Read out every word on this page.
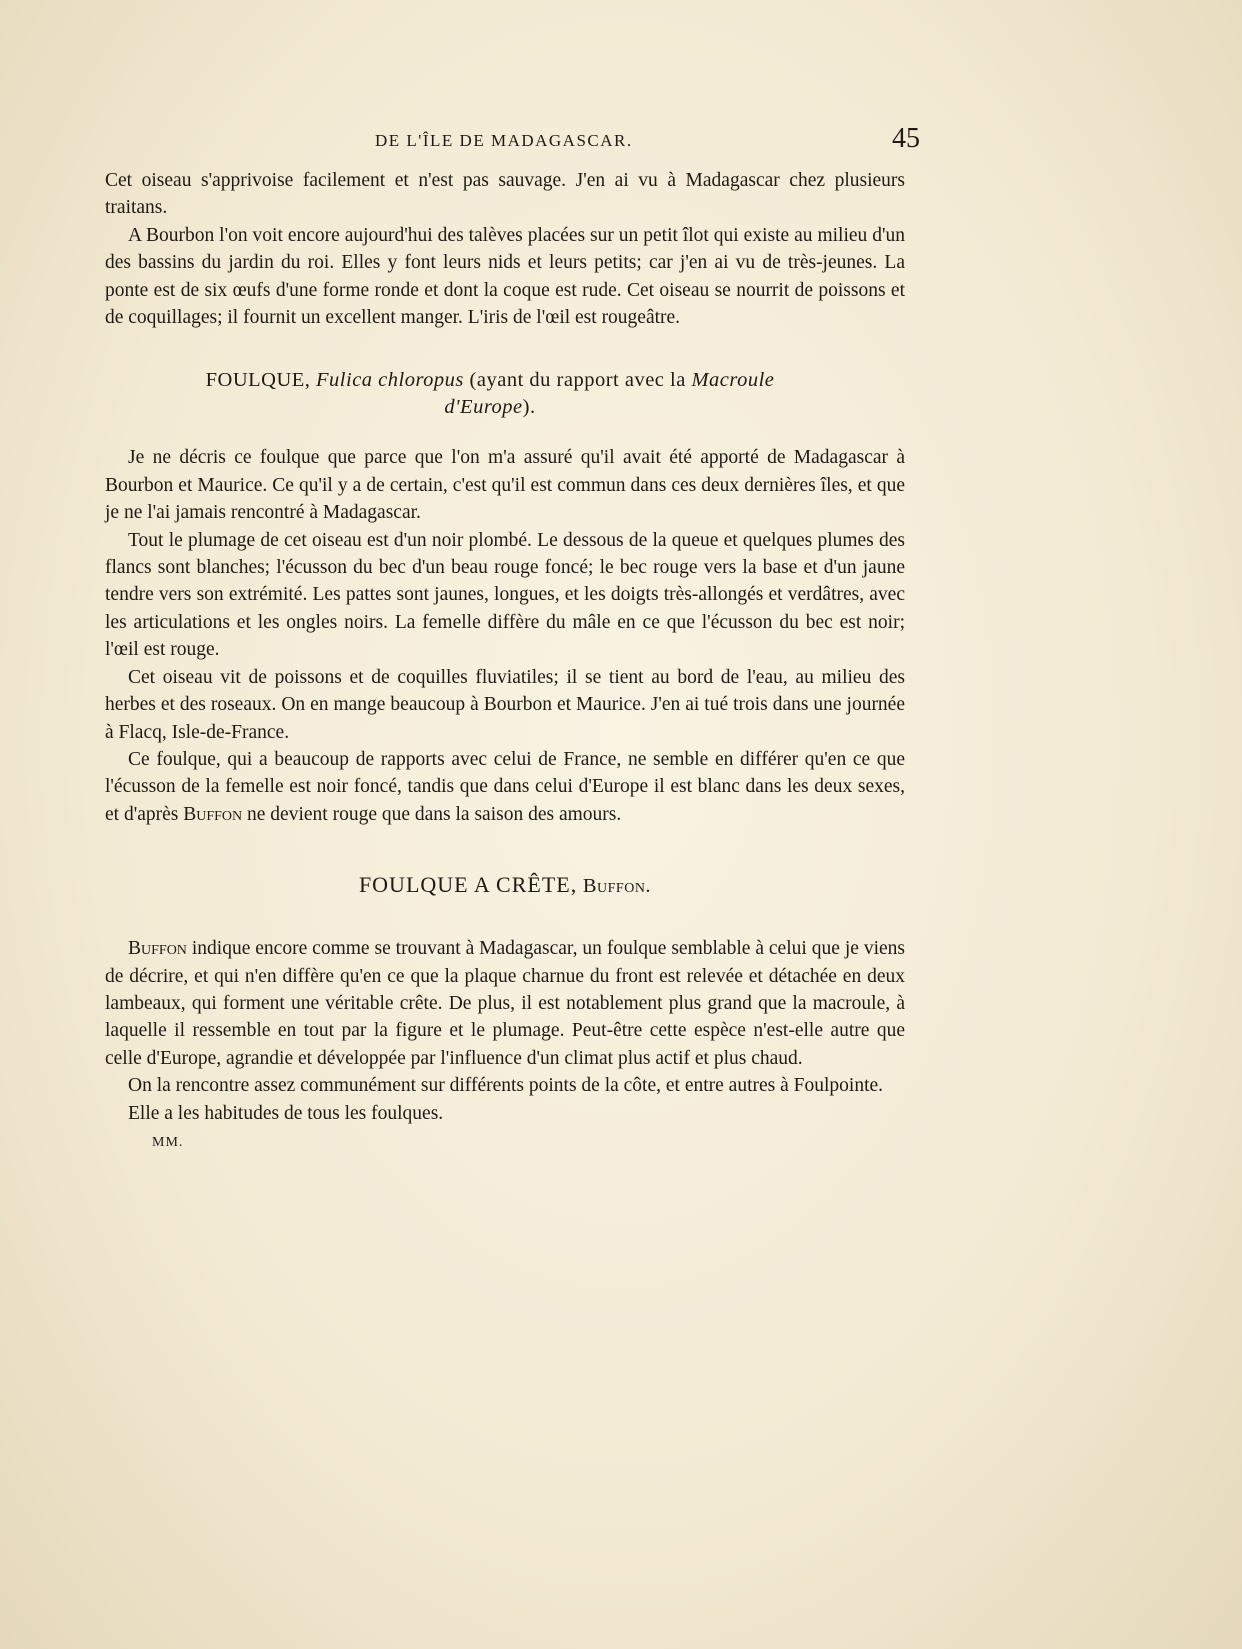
DE L'ÎLE DE MADAGASCAR.	45

Cet oiseau s'apprivoise facilement et n'est pas sauvage. J'en ai vu à Madagascar chez plusieurs traitans.

A Bourbon l'on voit encore aujourd'hui des talèves placées sur un petit îlot qui existe au milieu d'un des bassins du jardin du roi. Elles y font leurs nids et leurs petits; car j'en ai vu de très-jeunes. La ponte est de six œufs d'une forme ronde et dont la coque est rude. Cet oiseau se nourrit de poissons et de coquillages; il fournit un excellent manger. L'iris de l'œil est rougeâtre.

FOULQUE, Fulica chloropus (ayant du rapport avec la Macroule
d'Europe).

Je ne décris ce foulque que parce que l'on m'a assuré qu'il avait été apporté de Madagascar à Bourbon et Maurice. Ce qu'il y a de certain, c'est qu'il est commun dans ces deux dernières îles, et que je ne l'ai jamais rencontré à Madagascar.

Tout le plumage de cet oiseau est d'un noir plombé. Le dessous de la queue et quelques plumes des flancs sont blanches; l'écusson du bec d'un beau rouge foncé; le bec rouge vers la base et d'un jaune tendre vers son extrémité. Les pattes sont jaunes, longues, et les doigts très-allongés et verdâtres, avec les articulations et les ongles noirs. La femelle diffère du mâle en ce que l'écusson du bec est noir; l'œil est rouge.

Cet oiseau vit de poissons et de coquilles fluviatiles; il se tient au bord de l'eau, au milieu des herbes et des roseaux. On en mange beaucoup à Bourbon et Maurice. J'en ai tué trois dans une journée à Flacq, Isle-de-France.

Ce foulque, qui a beaucoup de rapports avec celui de France, ne semble en différer qu'en ce que l'écusson de la femelle est noir foncé, tandis que dans celui d'Europe il est blanc dans les deux sexes, et d'après Buffon ne devient rouge que dans la saison des amours.

FOULQUE A CRÊTE, Buffon.

Buffon indique encore comme se trouvant à Madagascar, un foulque semblable à celui que je viens de décrire, et qui n'en diffère qu'en ce que la plaque charnue du front est relevée et détachée en deux lambeaux, qui forment une véritable crête. De plus, il est notablement plus grand que la macroule, à laquelle il ressemble en tout par la figure et le plumage. Peut-être cette espèce n'est-elle autre que celle d'Europe, agrandie et développée par l'influence d'un climat plus actif et plus chaud.

On la rencontre assez communément sur différents points de la côte, et entre autres à Foulpointe.

Elle a les habitudes de tous les foulques.

MM.
